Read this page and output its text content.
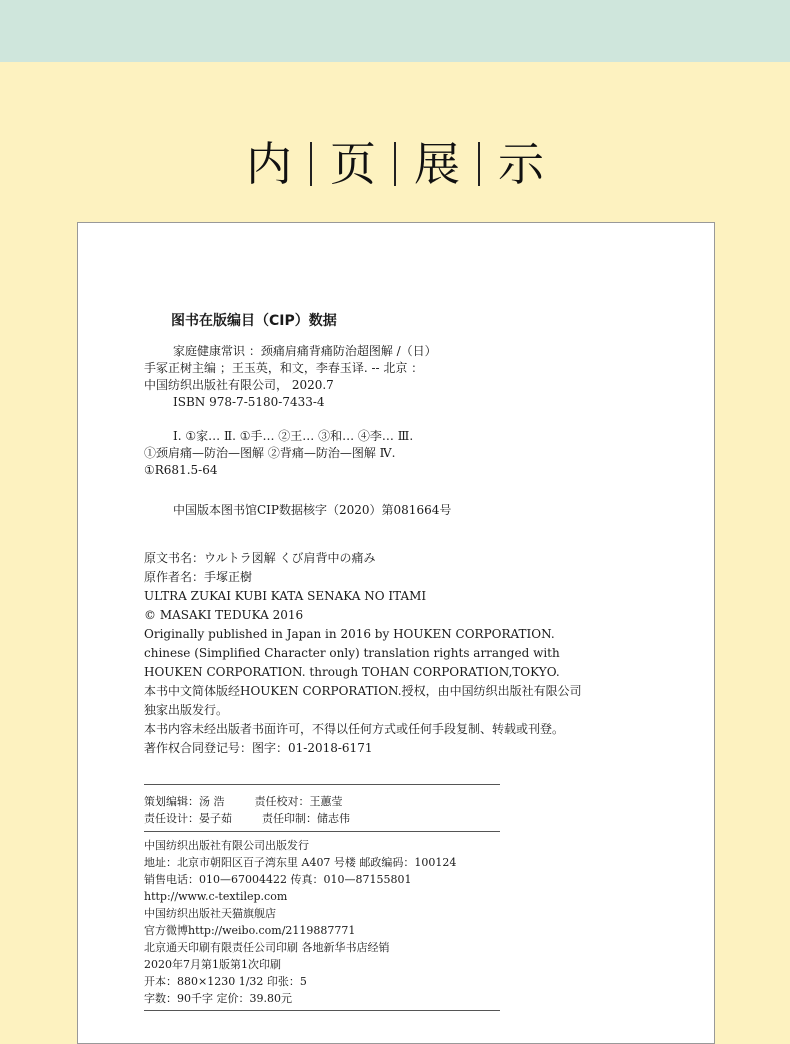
内 页 展 示
图书在版编目（CIP）数据
家庭健康常识 ：颈痛肩痛背痛防治超图解 /（日）
手冢正树主编 ；王玉英，和文，李春玉译. -- 北京 ：
中国纺织出版社有限公司， 2020.7
ISBN 978-7-5180-7433-4
Ⅰ. ①家… Ⅱ. ①手… ②王… ③和… ④李… Ⅲ.
①颈肩痛—防治—图解 ②背痛—防治—图解 Ⅳ.
①R681.5-64
中国版本图书馆CIP数据核字（2020）第081664号
原文书名：ウルトラ図解 くび肩背中の痛み
原作者名：手塚正樹
ULTRA ZUKAI KUBI KATA SENAKA NO ITAMI
© MASAKI TEDUKA 2016
Originally published in Japan in 2016 by HOUKEN CORPORATION.
chinese (Simplified Character only) translation rights arranged with
HOUKEN CORPORATION. through TOHAN CORPORATION,TOKYO.
本书中文简体版经HOUKEN CORPORATION.授权，由中国纺织出版社有限公司
独家出版发行。
本书内容未经出版者书面许可，不得以任何方式或任何手段复制、转载或刊登。
著作权合同登记号：图字：01-2018-6171
策划编辑：汤 浩	责任校对：王蕙莹
责任设计：晏子茹	责任印制：储志伟
中国纺织出版社有限公司出版发行
地址：北京市朝阳区百子湾东里 A407 号楼 邮政编码：100124
销售电话：010—67004422 传真：010—87155801
http://www.c-textilep.com
中国纺织出版社天猫旗舰店
官方微博http://weibo.com/2119887771
北京通天印刷有限责任公司印刷 各地新华书店经销
2020年7月第1版第1次印刷
开本：880×1230 1/32 印张：5
字数：90千字 定价：39.80元
